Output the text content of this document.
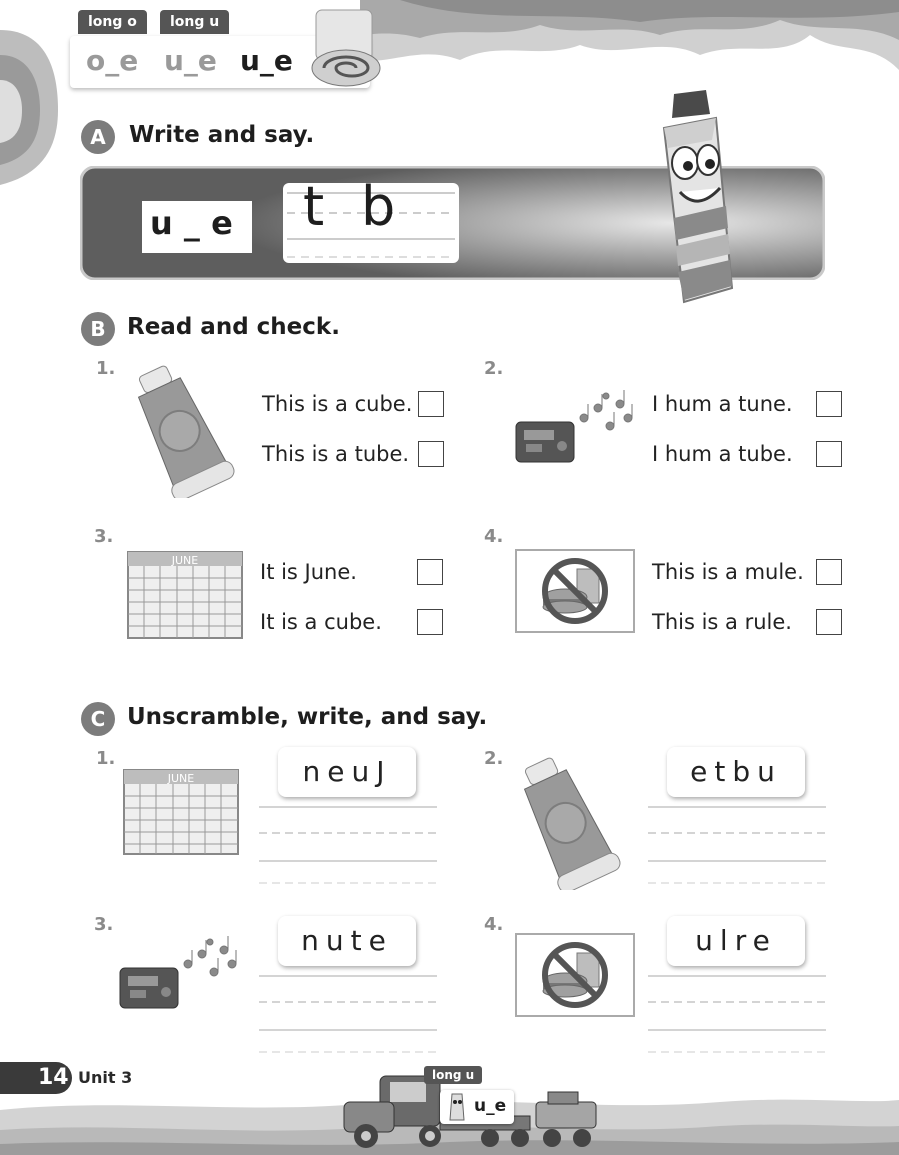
long o	long u
o_e u_e u_e
A	Write and say.
u _ e t b
B Read and check.
1.
This is a cube.
This is a tube.
2.
I hum a tune.
I hum a tube.
3.
JUNE	It is June.
It is a cube.
4.
This is a mule.
This is a rule.
C Unscramble, write, and say.
1.
JUNE	neuJ	2.	etbu
3.	nute	4.	ulre
14 Unit 3	long u
u_e
